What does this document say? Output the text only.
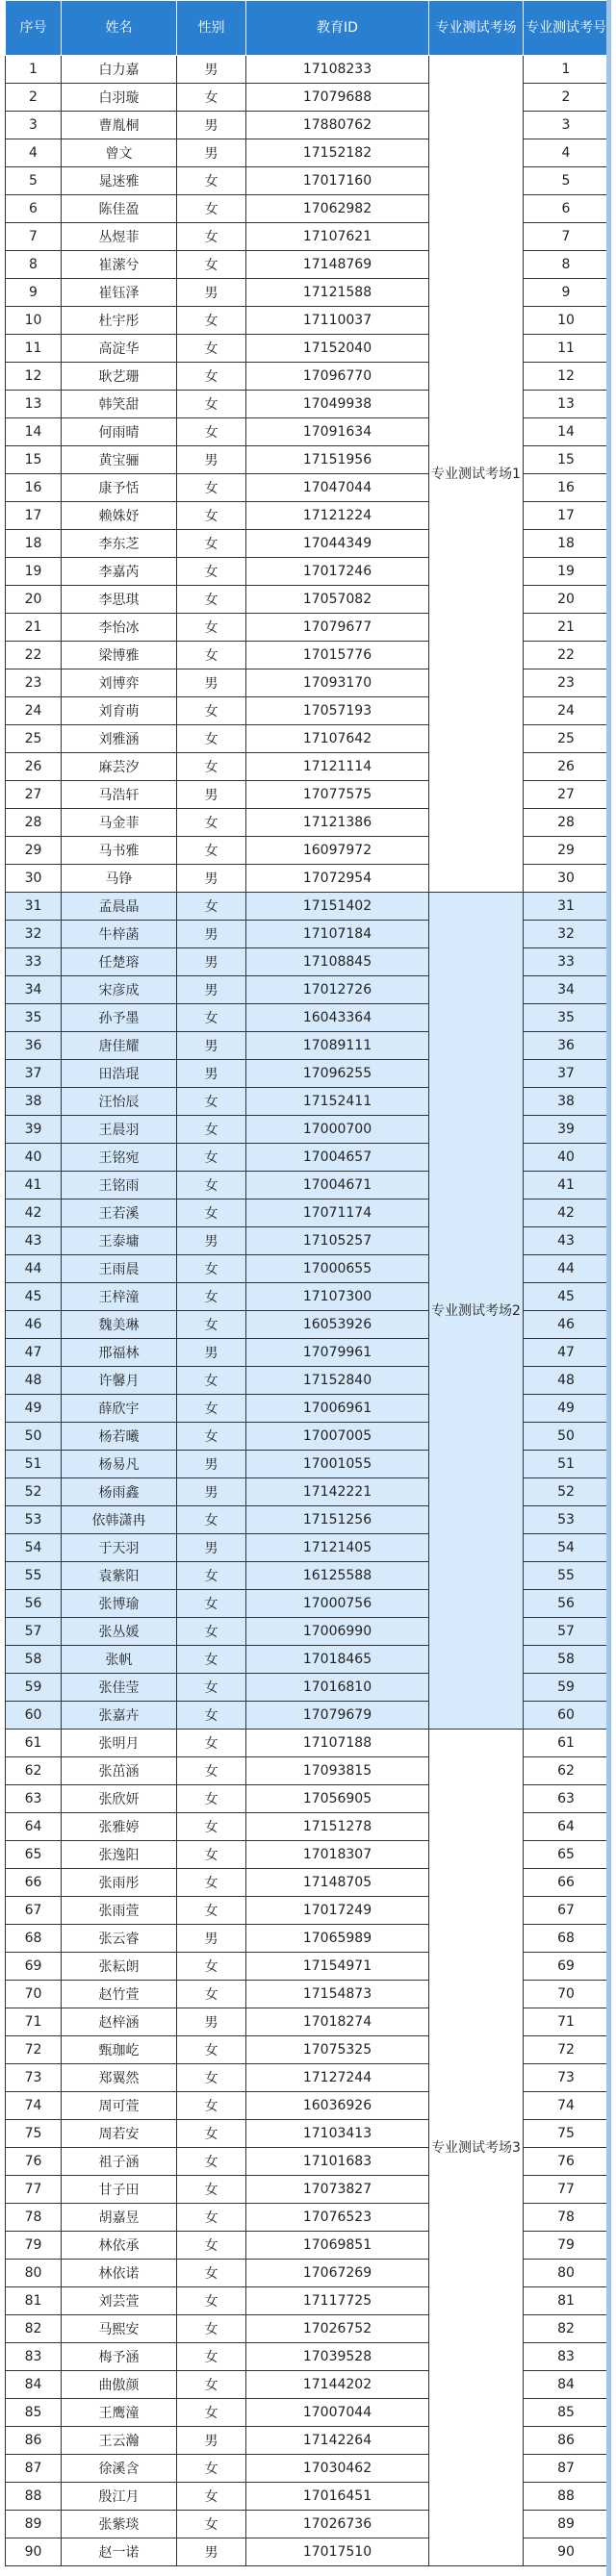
序号	姓名	性别	教育ID	专业测试考场	专业测试考号
1	白力嘉	男	17108233	专业测试考场1	1
2	白羽璇	女	17079688		2
3	曹胤桐	男	17880762		3
4	曾文	男	17152182		4
5	晁迷雅	女	17017160		5
6	陈佳盈	女	17062982		6
7	丛煜菲	女	17107621		7
8	崔潆兮	女	17148769		8
9	崔钰泽	男	17121588		9
10	杜宇彤	女	17110037		10
11	高淀华	女	17152040		11
12	耿艺珊	女	17096770		12
13	韩笑甜	女	17049938		13
14	何雨晴	女	17091634		14
15	黄宝骊	男	17151956		15
16	康予恬	女	17047044		16
17	赖姝妤	女	17121224		17
18	李东芝	女	17044349		18
19	李嘉芮	女	17017246		19
20	李思琪	女	17057082		20
21	李怡冰	女	17079677		21
22	梁博雅	女	17015776		22
23	刘博弈	男	17093170		23
24	刘育萌	女	17057193		24
25	刘雅涵	女	17107642		25
26	麻芸汐	女	17121114		26
27	马浩轩	男	17077575		27
28	马金菲	女	17121386		28
29	马书雅	女	16097972		29
30	马铮	男	17072954		30
31	孟晨晶	女	17151402	专业测试考场2	31
32	牛梓菡	男	17107184		32
33	任楚瑢	男	17108845		33
34	宋彦成	男	17012726		34
35	孙予墨	女	16043364		35
36	唐佳耀	男	17089111		36
37	田浩琨	男	17096255		37
38	汪怡辰	女	17152411		38
39	王晨羽	女	17000700		39
40	王铭宛	女	17004657		40
41	王铭雨	女	17004671		41
42	王若溪	女	17071174		42
43	王泰墉	男	17105257		43
44	王雨晨	女	17000655		44
45	王梓潼	女	17107300		45
46	魏美琳	女	16053926		46
47	邢福林	男	17079961		47
48	许馨月	女	17152840		48
49	薛欣宇	女	17006961		49
50	杨若曦	女	17007005		50
51	杨易凡	男	17001055		51
52	杨雨鑫	男	17142221		52
53	依韩潇冉	女	17151256		53
54	于天羽	男	17121405		54
55	袁紫阳	女	16125588		55
56	张博瑜	女	17000756		56
57	张丛媛	女	17006990		57
58	张帆	女	17018465		58
59	张佳莹	女	17016810		59
60	张嘉卉	女	17079679		60
61	张明月	女	17107188	专业测试考场3	61
62	张茁涵	女	17093815		62
63	张欣妍	女	17056905		63
64	张雅婷	女	17151278		64
65	张逸阳	女	17018307		65
66	张雨彤	女	17148705		66
67	张雨萱	女	17017249		67
68	张云睿	男	17065989		68
69	张耘朗	女	17154971		69
70	赵竹萱	女	17154873		70
71	赵梓涵	男	17018274		71
72	甄珈屹	女	17075325		72
73	郑翼然	女	17127244		73
74	周可萱	女	16036926		74
75	周若安	女	17103413		75
76	祖子涵	女	17101683		76
77	甘子田	女	17073827		77
78	胡嘉昱	女	17076523		78
79	林依承	女	17069851		79
80	林依诺	女	17067269		80
81	刘芸萱	女	17117725		81
82	马熙安	女	17026752		82
83	梅予涵	女	17039528		83
84	曲傲颜	女	17144202		84
85	王鹰潼	女	17007044		85
86	王云瀚	男	17142264		86
87	徐溪含	女	17030462		87
88	殷江月	女	17016451		88
89	张紫琰	女	17026736		89
90	赵一诺	男	17017510		90
